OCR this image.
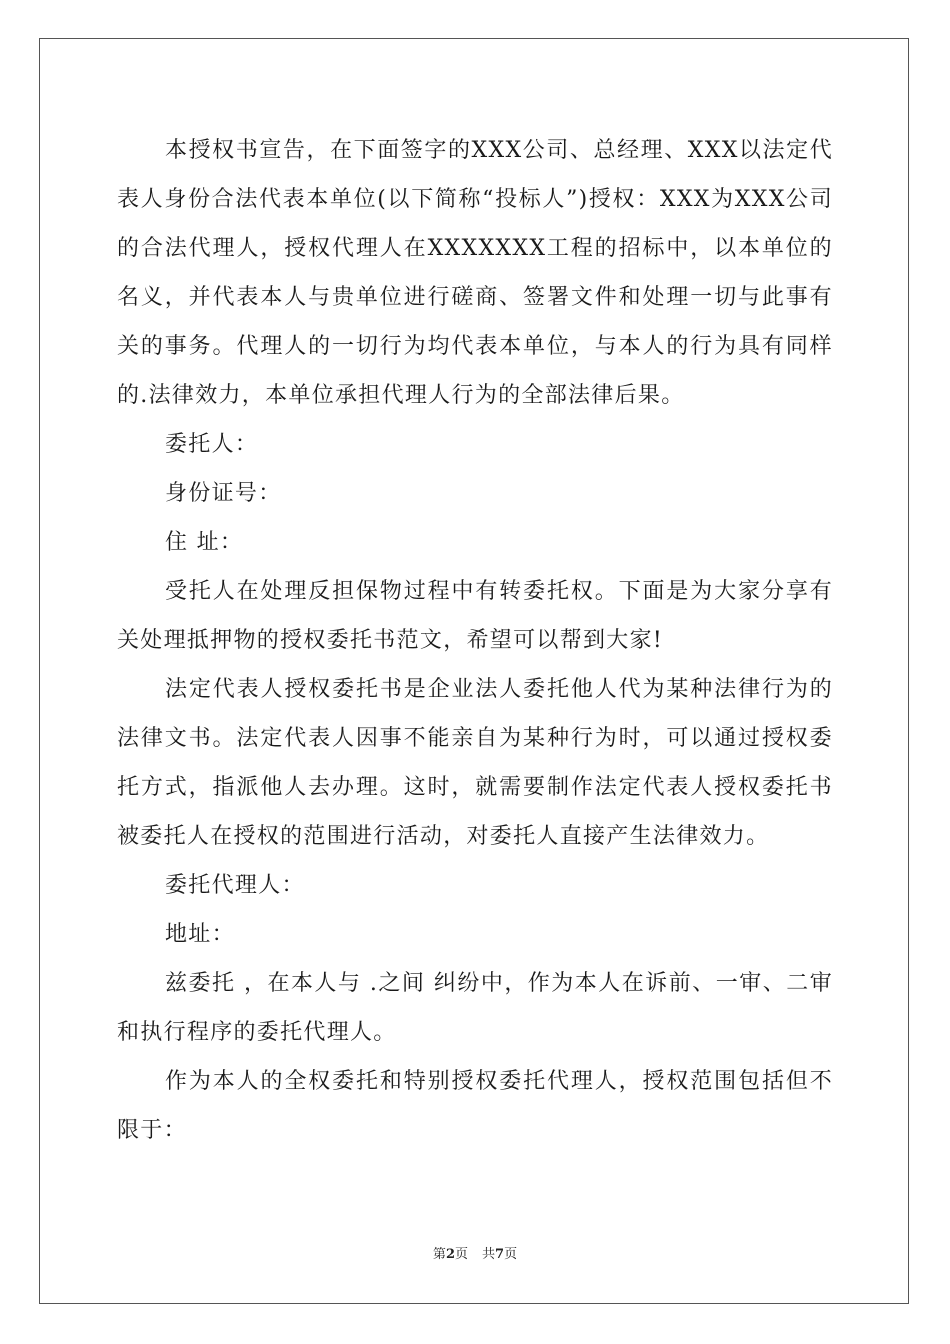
本授权书宣告，在下面签字的XXX公司、总经理、XXX以法定代表人身份合法代表本单位(以下简称“投标人”)授权：XXX为XXX公司的合法代理人，授权代理人在XXXXXXX工程的招标中，以本单位的名义，并代表本人与贵单位进行磋商、签署文件和处理一切与此事有关的事务。代理人的一切行为均代表本单位，与本人的行为具有同样的.法律效力，本单位承担代理人行为的全部法律后果。

委托人：

身份证号：

住 址：

受托人在处理反担保物过程中有转委托权。下面是为大家分享有关处理抵押物的授权委托书范文，希望可以帮到大家!

法定代表人授权委托书是企业法人委托他人代为某种法律行为的法律文书。法定代表人因事不能亲自为某种行为时，可以通过授权委托方式，指派他人去办理。这时，就需要制作法定代表人授权委托书被委托人在授权的范围进行活动，对委托人直接产生法律效力。

委托代理人：

地址：

兹委托 ，在本人与 .之间 纠纷中，作为本人在诉前、一审、二审和执行程序的委托代理人。

作为本人的全权委托和特别授权委托代理人，授权范围包括但不限于：

第2页 共7页
